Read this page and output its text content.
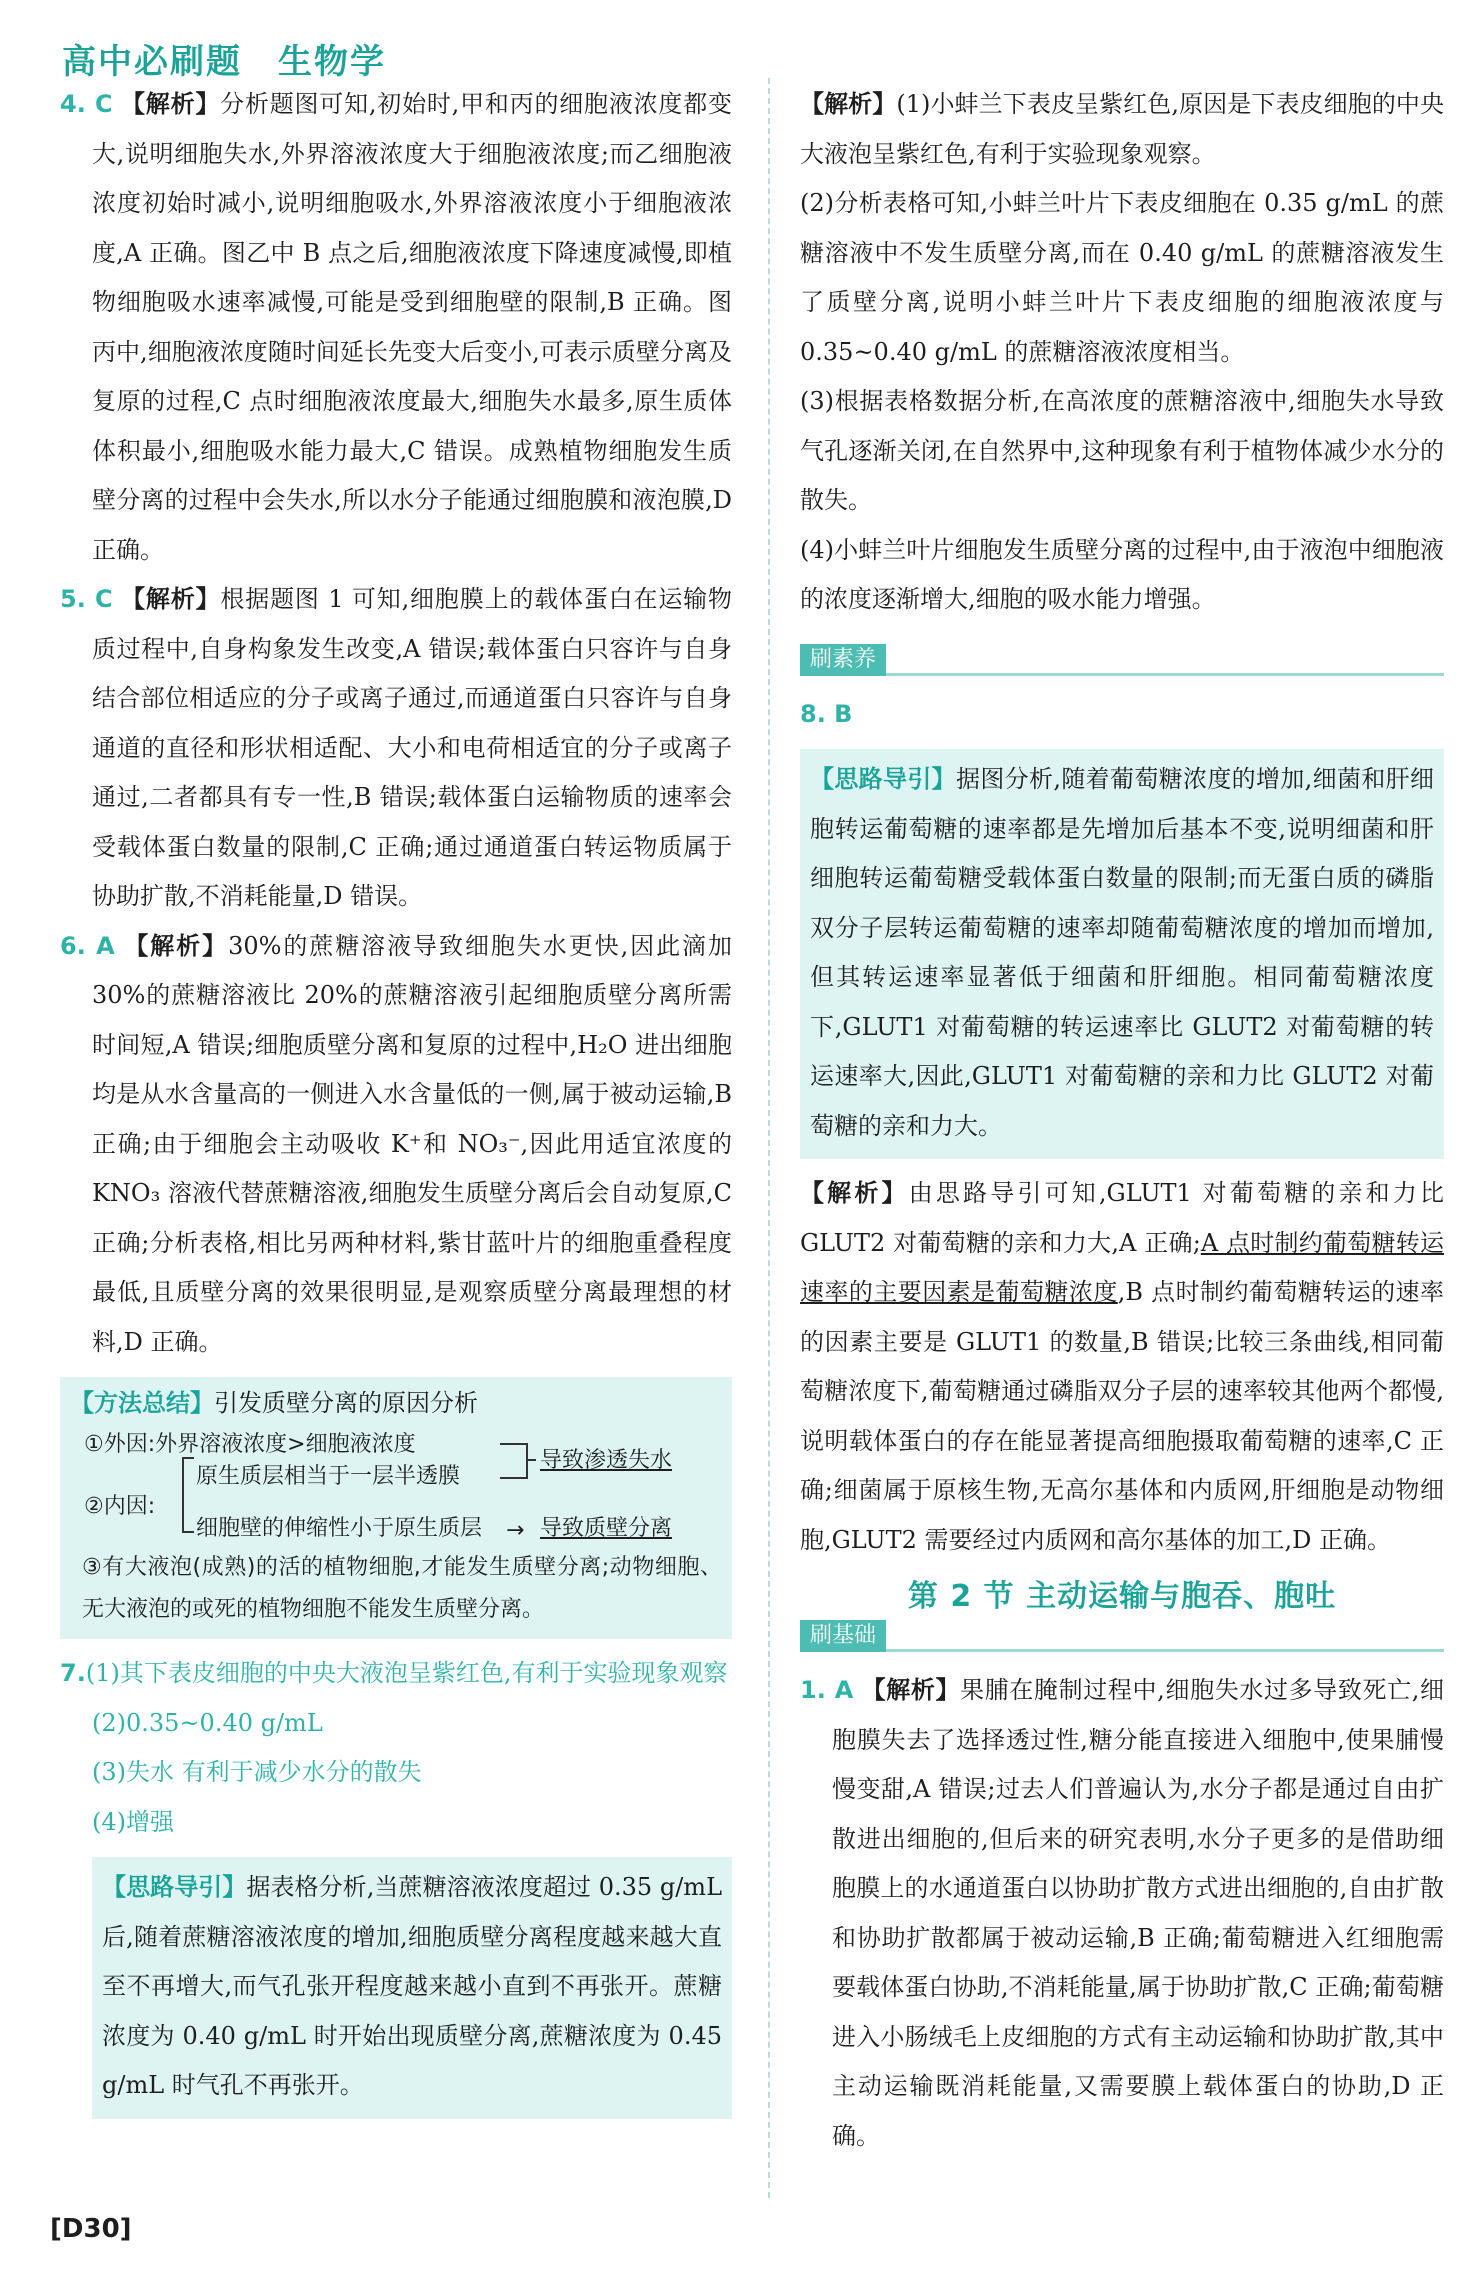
高中必刷题 生物学

4. C 【解析】分析题图可知,初始时,甲和丙的细胞液浓度都变大,说明细胞失水,外界溶液浓度大于细胞液浓度;而乙细胞液浓度初始时减小,说明细胞吸水,外界溶液浓度小于细胞液浓度,A 正确。图乙中 B 点之后,细胞液浓度下降速度减慢,即植物细胞吸水速率减慢,可能是受到细胞壁的限制,B 正确。图丙中,细胞液浓度随时间延长先变大后变小,可表示质壁分离及复原的过程,C 点时细胞液浓度最大,细胞失水最多,原生质体体积最小,细胞吸水能力最大,C 错误。成熟植物细胞发生质壁分离的过程中会失水,所以水分子能通过细胞膜和液泡膜,D 正确。

5. C 【解析】根据题图 1 可知,细胞膜上的载体蛋白在运输物质过程中,自身构象发生改变,A 错误;载体蛋白只容许与自身结合部位相适应的分子或离子通过,而通道蛋白只容许与自身通道的直径和形状相适配、大小和电荷相适宜的分子或离子通过,二者都具有专一性,B 错误;载体蛋白运输物质的速率会受载体蛋白数量的限制,C 正确;通过通道蛋白转运物质属于协助扩散,不消耗能量,D 错误。

6. A 【解析】30%的蔗糖溶液导致细胞失水更快,因此滴加30%的蔗糖溶液比 20%的蔗糖溶液引起细胞质壁分离所需时间短,A 错误;细胞质壁分离和复原的过程中,H₂O 进出细胞均是从水含量高的一侧进入水含量低的一侧,属于被动运输,B 正确;由于细胞会主动吸收 K⁺和 NO₃⁻,因此用适宜浓度的 KNO₃ 溶液代替蔗糖溶液,细胞发生质壁分离后会自动复原,C 正确;分析表格,相比另两种材料,紫甘蓝叶片的细胞重叠程度最低,且质壁分离的效果很明显,是观察质壁分离最理想的材料,D 正确。

【方法总结】引发质壁分离的原因分析

①外因:外界溶液浓度>细胞液浓度
②内因:
原生质层相当于一层半透膜
细胞壁的伸缩性小于原生质层
导致渗透失水
→ 导致质壁分离

③有大液泡(成熟)的活的植物细胞,才能发生质壁分离;动物细胞、无大液泡的或死的植物细胞不能发生质壁分离。

7.(1)其下表皮细胞的中央大液泡呈紫红色,有利于实验现象观察

(2)0.35~0.40 g/mL

(3)失水 有利于减少水分的散失

(4)增强

【思路导引】据表格分析,当蔗糖溶液浓度超过 0.35 g/mL 后,随着蔗糖溶液浓度的增加,细胞质壁分离程度越来越大直至不再增大,而气孔张开程度越来越小直到不再张开。蔗糖浓度为 0.40 g/mL 时开始出现质壁分离,蔗糖浓度为 0.45 g/mL 时气孔不再张开。

【解析】(1)小蚌兰下表皮呈紫红色,原因是下表皮细胞的中央大液泡呈紫红色,有利于实验现象观察。

(2)分析表格可知,小蚌兰叶片下表皮细胞在 0.35 g/mL 的蔗糖溶液中不发生质壁分离,而在 0.40 g/mL 的蔗糖溶液发生了质壁分离,说明小蚌兰叶片下表皮细胞的细胞液浓度与 0.35~0.40 g/mL 的蔗糖溶液浓度相当。

(3)根据表格数据分析,在高浓度的蔗糖溶液中,细胞失水导致气孔逐渐关闭,在自然界中,这种现象有利于植物体减少水分的散失。

(4)小蚌兰叶片细胞发生质壁分离的过程中,由于液泡中细胞液的浓度逐渐增大,细胞的吸水能力增强。

刷素养

8. B

【思路导引】据图分析,随着葡萄糖浓度的增加,细菌和肝细胞转运葡萄糖的速率都是先增加后基本不变,说明细菌和肝细胞转运葡萄糖受载体蛋白数量的限制;而无蛋白质的磷脂双分子层转运葡萄糖的速率却随葡萄糖浓度的增加而增加,但其转运速率显著低于细菌和肝细胞。相同葡萄糖浓度下,GLUT1 对葡萄糖的转运速率比 GLUT2 对葡萄糖的转运速率大,因此,GLUT1 对葡萄糖的亲和力比 GLUT2 对葡萄糖的亲和力大。

【解析】由思路导引可知,GLUT1 对葡萄糖的亲和力比 GLUT2 对葡萄糖的亲和力大,A 正确;A 点时制约葡萄糖转运速率的主要因素是葡萄糖浓度,B 点时制约葡萄糖转运的速率的因素主要是 GLUT1 的数量,B 错误;比较三条曲线,相同葡萄糖浓度下,葡萄糖通过磷脂双分子层的速率较其他两个都慢,说明载体蛋白的存在能显著提高细胞摄取葡萄糖的速率,C 正确;细菌属于原核生物,无高尔基体和内质网,肝细胞是动物细胞,GLUT2 需要经过内质网和高尔基体的加工,D 正确。

第 2 节 主动运输与胞吞、胞吐
刷基础

1. A 【解析】果脯在腌制过程中,细胞失水过多导致死亡,细胞膜失去了选择透过性,糖分能直接进入细胞中,使果脯慢慢变甜,A 错误;过去人们普遍认为,水分子都是通过自由扩散进出细胞的,但后来的研究表明,水分子更多的是借助细胞膜上的水通道蛋白以协助扩散方式进出细胞的,自由扩散和协助扩散都属于被动运输,B 正确;葡萄糖进入红细胞需要载体蛋白协助,不消耗能量,属于协助扩散,C 正确;葡萄糖进入小肠绒毛上皮细胞的方式有主动运输和协助扩散,其中主动运输既消耗能量,又需要膜上载体蛋白的协助,D 正确。

[D30]
